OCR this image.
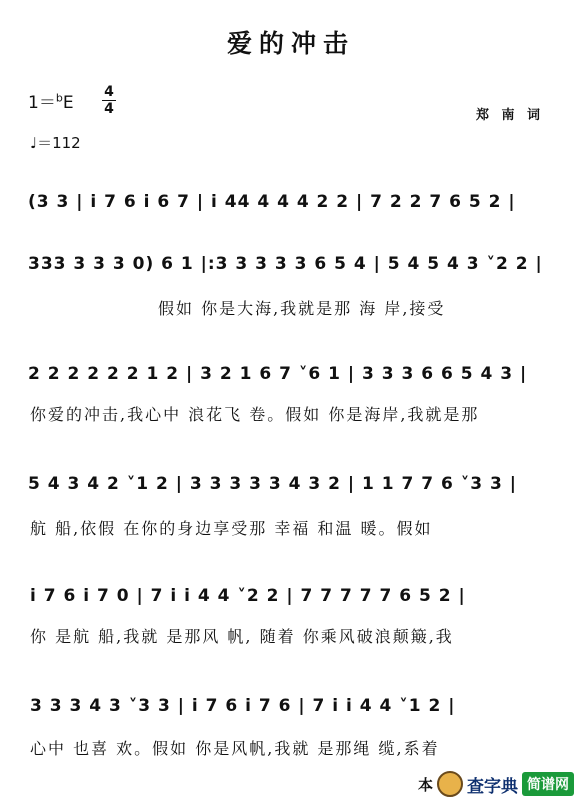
爱的冲击
1＝$^b$E
4
4
♩＝112
郑 南 词
(3 3 | i 7 6 i 6 7 | i 44 4 4 4 2 2 | 7 2 2 7 6 5 2 |
333 3 3 3 0) 6 1 |:3 3 3 3 3 6 5 4 | 5 4 5 4 3 ˅2 2 |
假如 你是大海,我就是那 海 岸,接受
2 2 2 2 2 2 1 2 | 3 2 1 6 7 ˅6 1 | 3 3 3 6 6 5 4 3 |
你爱的冲击,我心中 浪花飞 卷。假如 你是海岸,我就是那
5 4 3 4 2 ˅1 2 | 3 3 3 3 3 4 3 2 | 1 1 7 7 6 ˅3 3 |
航 船,依假 在你的身边享受那 幸福 和温 暖。假如
i 7 6 i 7 0 | 7 i i 4 4 ˅2 2 | 7 7 7 7 7 6 5 2 |
你 是航 船,我就 是那风 帆, 随着 你乘风破浪颠簸,我
3 3 3 4 3 ˅3 3 | i 7 6 i 7 6 | 7 i i 4 4 ˅1 2 |
心中 也喜 欢。假如 你是风帆,我就 是那绳 缆,系着
本 查字典 简谱网
